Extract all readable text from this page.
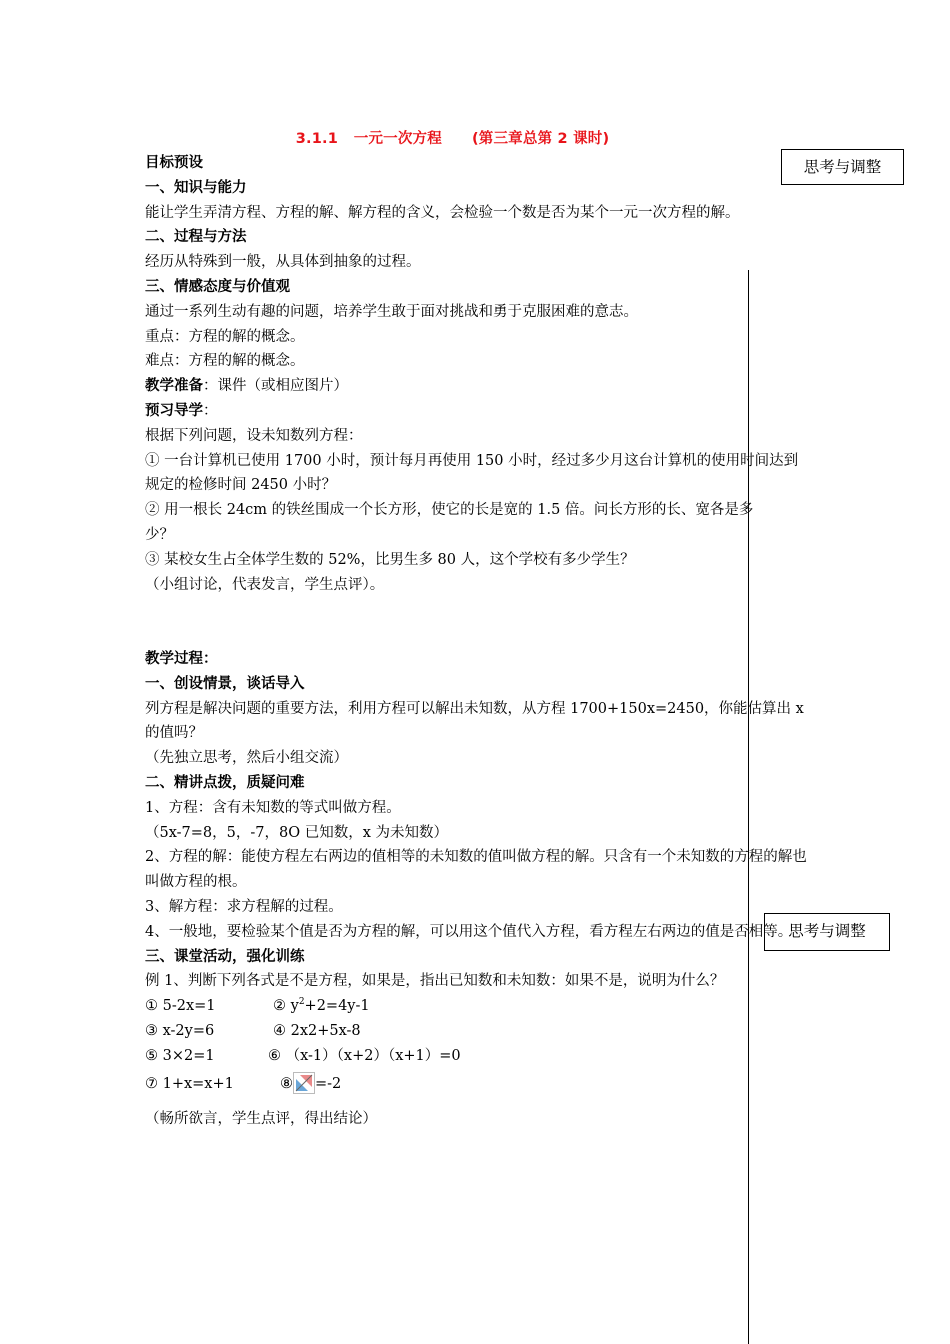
3.1.1 一元一次方程 (第三章总第 2 课时)
思考与调整
思考与调整

目标预设

一、知识与能力

能让学生弄清方程、方程的解、解方程的含义，会检验一个数是否为某个一元一次方程的解。

二、过程与方法

经历从特殊到一般，从具体到抽象的过程。

三、情感态度与价值观

通过一系列生动有趣的问题，培养学生敢于面对挑战和勇于克服困难的意志。

重点：方程的解的概念。

难点：方程的解的概念。

教学准备：课件（或相应图片）

预习导学：

根据下列问题，设未知数列方程：

① 一台计算机已使用 1700 小时，预计每月再使用 150 小时，经过多少月这台计算机的使用时间达到规定的检修时间 2450 小时？

② 用一根长 24cm 的铁丝围成一个长方形，使它的长是宽的 1.5 倍。问长方形的长、宽各是多少？

③ 某校女生占全体学生数的 52%，比男生多 80 人，这个学校有多少学生？

（小组讨论，代表发言，学生点评）。

教学过程：

一、创设情景，谈话导入

列方程是解决问题的重要方法，利用方程可以解出未知数，从方程 1700+150x=2450，你能估算出 x 的值吗？

（先独立思考，然后小组交流）

二、精讲点拨，质疑问难

1、方程：含有未知数的等式叫做方程。

（5x-7=8，5，-7，8O 已知数，x 为未知数）

2、方程的解：能使方程左右两边的值相等的未知数的值叫做方程的解。只含有一个未知数的方程的解也叫做方程的根。

3、解方程：求方程解的过程。

4、一般地，要检验某个值是否为方程的解，可以用这个值代入方程，看方程左右两边的值是否相等。

三、课堂活动，强化训练

例 1、判断下列各式是不是方程，如果是，指出已知数和未知数：如果不是，说明为什么？

① 5-2x=1	② $y^2+2=4y-1$
③ x-2y=6	④ 2x2+5x-8
⑤ 3×2=1	⑥ （x-1）（x+2）（x+1）=0
⑦ 1+x=x+1	⑧ =-2

（畅所欲言，学生点评，得出结论）
